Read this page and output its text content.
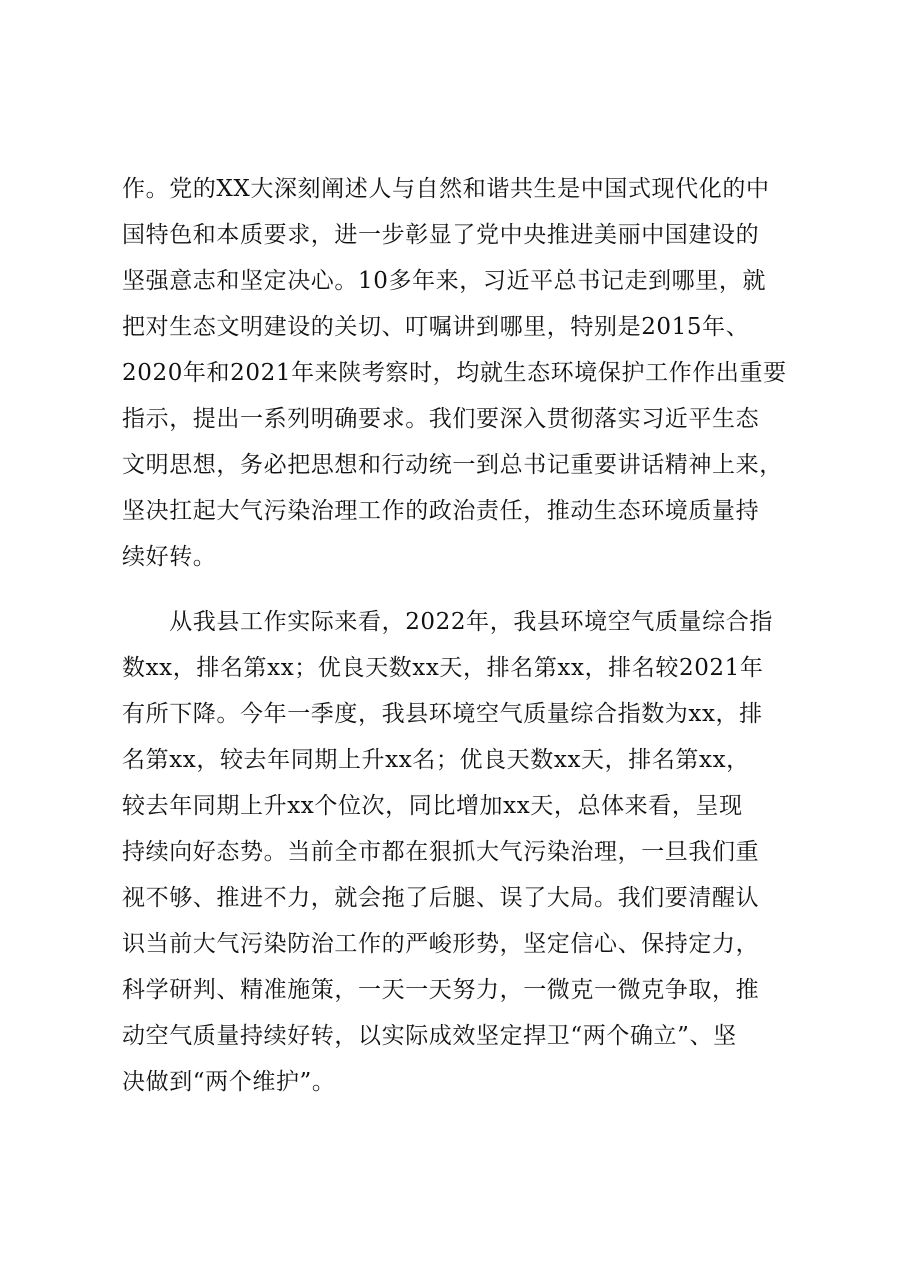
作。党的XX大深刻阐述人与自然和谐共生是中国式现代化的中
国特色和本质要求，进一步彰显了党中央推进美丽中国建设的
坚强意志和坚定决心。10多年来，习近平总书记走到哪里，就
把对生态文明建设的关切、叮嘱讲到哪里，特别是2015年、
2020年和2021年来陕考察时，均就生态环境保护工作作出重要
指示，提出一系列明确要求。我们要深入贯彻落实习近平生态
文明思想，务必把思想和行动统一到总书记重要讲话精神上来，
坚决扛起大气污染治理工作的政治责任，推动生态环境质量持
续好转。
　　从我县工作实际来看，2022年，我县环境空气质量综合指
数xx，排名第xx；优良天数xx天，排名第xx，排名较2021年
有所下降。今年一季度，我县环境空气质量综合指数为xx，排
名第xx，较去年同期上升xx名；优良天数xx天，排名第xx，
较去年同期上升xx个位次，同比增加xx天，总体来看，呈现
持续向好态势。当前全市都在狠抓大气污染治理，一旦我们重
视不够、推进不力，就会拖了后腿、误了大局。我们要清醒认
识当前大气污染防治工作的严峻形势，坚定信心、保持定力，
科学研判、精准施策，一天一天努力，一微克一微克争取，推
动空气质量持续好转，以实际成效坚定捍卫“两个确立”、坚
决做到“两个维护”。
